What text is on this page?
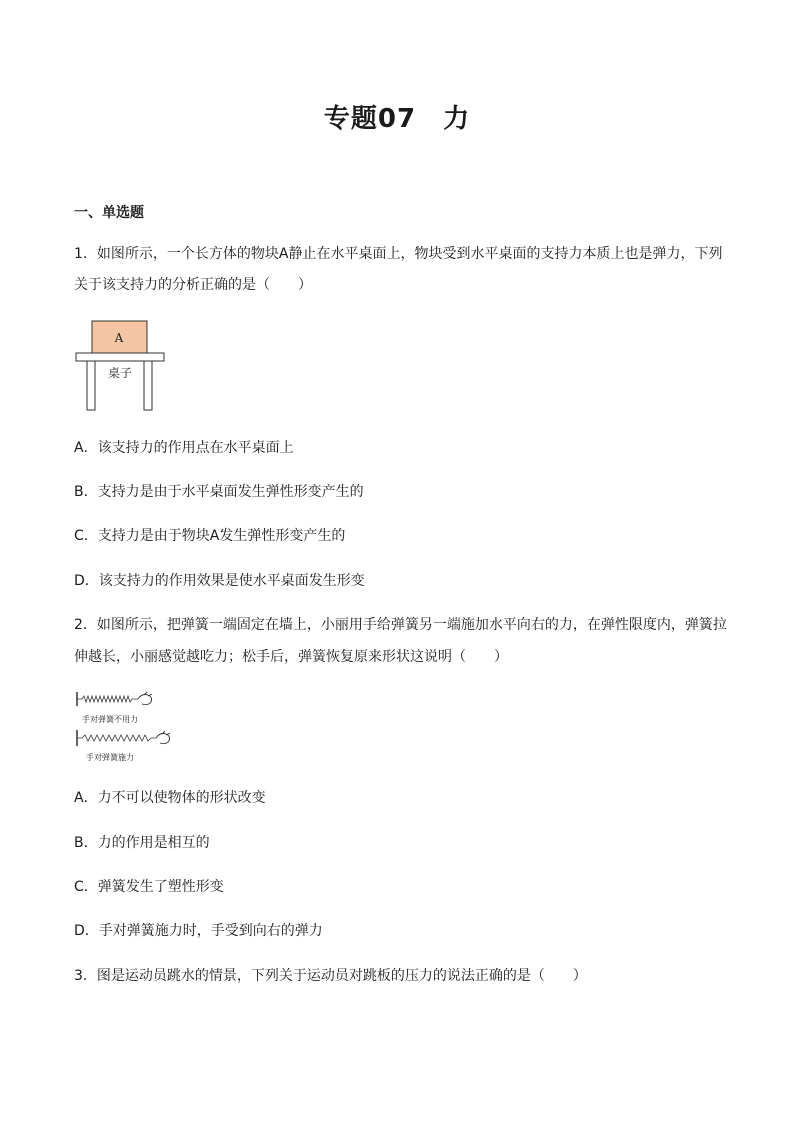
专题07　力
一、单选题
1．如图所示，一个长方体的物块A静止在水平桌面上，物块受到水平桌面的支持力本质上也是弹力，下列
关于该支持力的分析正确的是（　　）
A
桌子
A．该支持力的作用点在水平桌面上
B．支持力是由于水平桌面发生弹性形变产生的
C．支持力是由于物块A发生弹性形变产生的
D．该支持力的作用效果是使水平桌面发生形变
2．如图所示，把弹簧一端固定在墙上，小丽用手给弹簧另一端施加水平向右的力，在弹性限度内，弹簧拉
伸越长，小丽感觉越吃力；松手后，弹簧恢复原来形状这说明（　　）
手对弹簧不用力
手对弹簧施力
A．力不可以使物体的形状改变
B．力的作用是相互的
C．弹簧发生了塑性形变
D．手对弹簧施力时，手受到向右的弹力
3．图是运动员跳水的情景，下列关于运动员对跳板的压力的说法正确的是（　　）
